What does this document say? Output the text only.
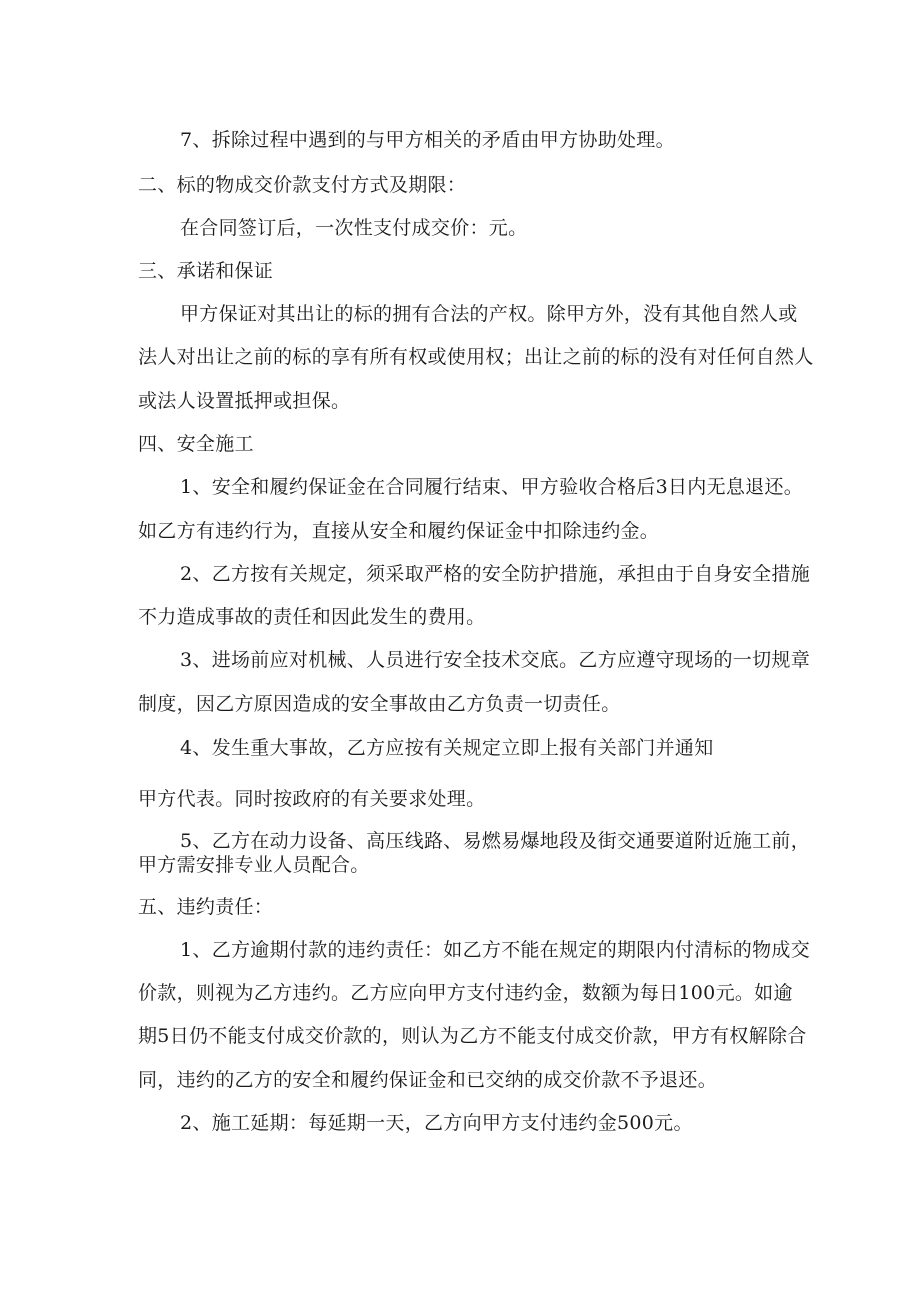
7、拆除过程中遇到的与甲方相关的矛盾由甲方协助处理。
二、标的物成交价款支付方式及期限：
在合同签订后，一次性支付成交价：元。
三、承诺和保证
甲方保证对其出让的标的拥有合法的产权。除甲方外，没有其他自然人或
法人对出让之前的标的享有所有权或使用权；出让之前的标的没有对任何自然人
或法人设置抵押或担保。
四、安全施工
1、安全和履约保证金在合同履行结束、甲方验收合格后3日内无息退还。
如乙方有违约行为，直接从安全和履约保证金中扣除违约金。
2、乙方按有关规定，须采取严格的安全防护措施，承担由于自身安全措施
不力造成事故的责任和因此发生的费用。
3、进场前应对机械、人员进行安全技术交底。乙方应遵守现场的一切规章
制度，因乙方原因造成的安全事故由乙方负责一切责任。
4、发生重大事故，乙方应按有关规定立即上报有关部门并通知
甲方代表。同时按政府的有关要求处理。
5、乙方在动力设备、高压线路、易燃易爆地段及街交通要道附近施工前，
甲方需安排专业人员配合。
五、违约责任：
1、乙方逾期付款的违约责任：如乙方不能在规定的期限内付清标的物成交
价款，则视为乙方违约。乙方应向甲方支付违约金，数额为每日100元。如逾
期5日仍不能支付成交价款的，则认为乙方不能支付成交价款，甲方有权解除合
同，违约的乙方的安全和履约保证金和已交纳的成交价款不予退还。
2、施工延期：每延期一天，乙方向甲方支付违约金500元。
